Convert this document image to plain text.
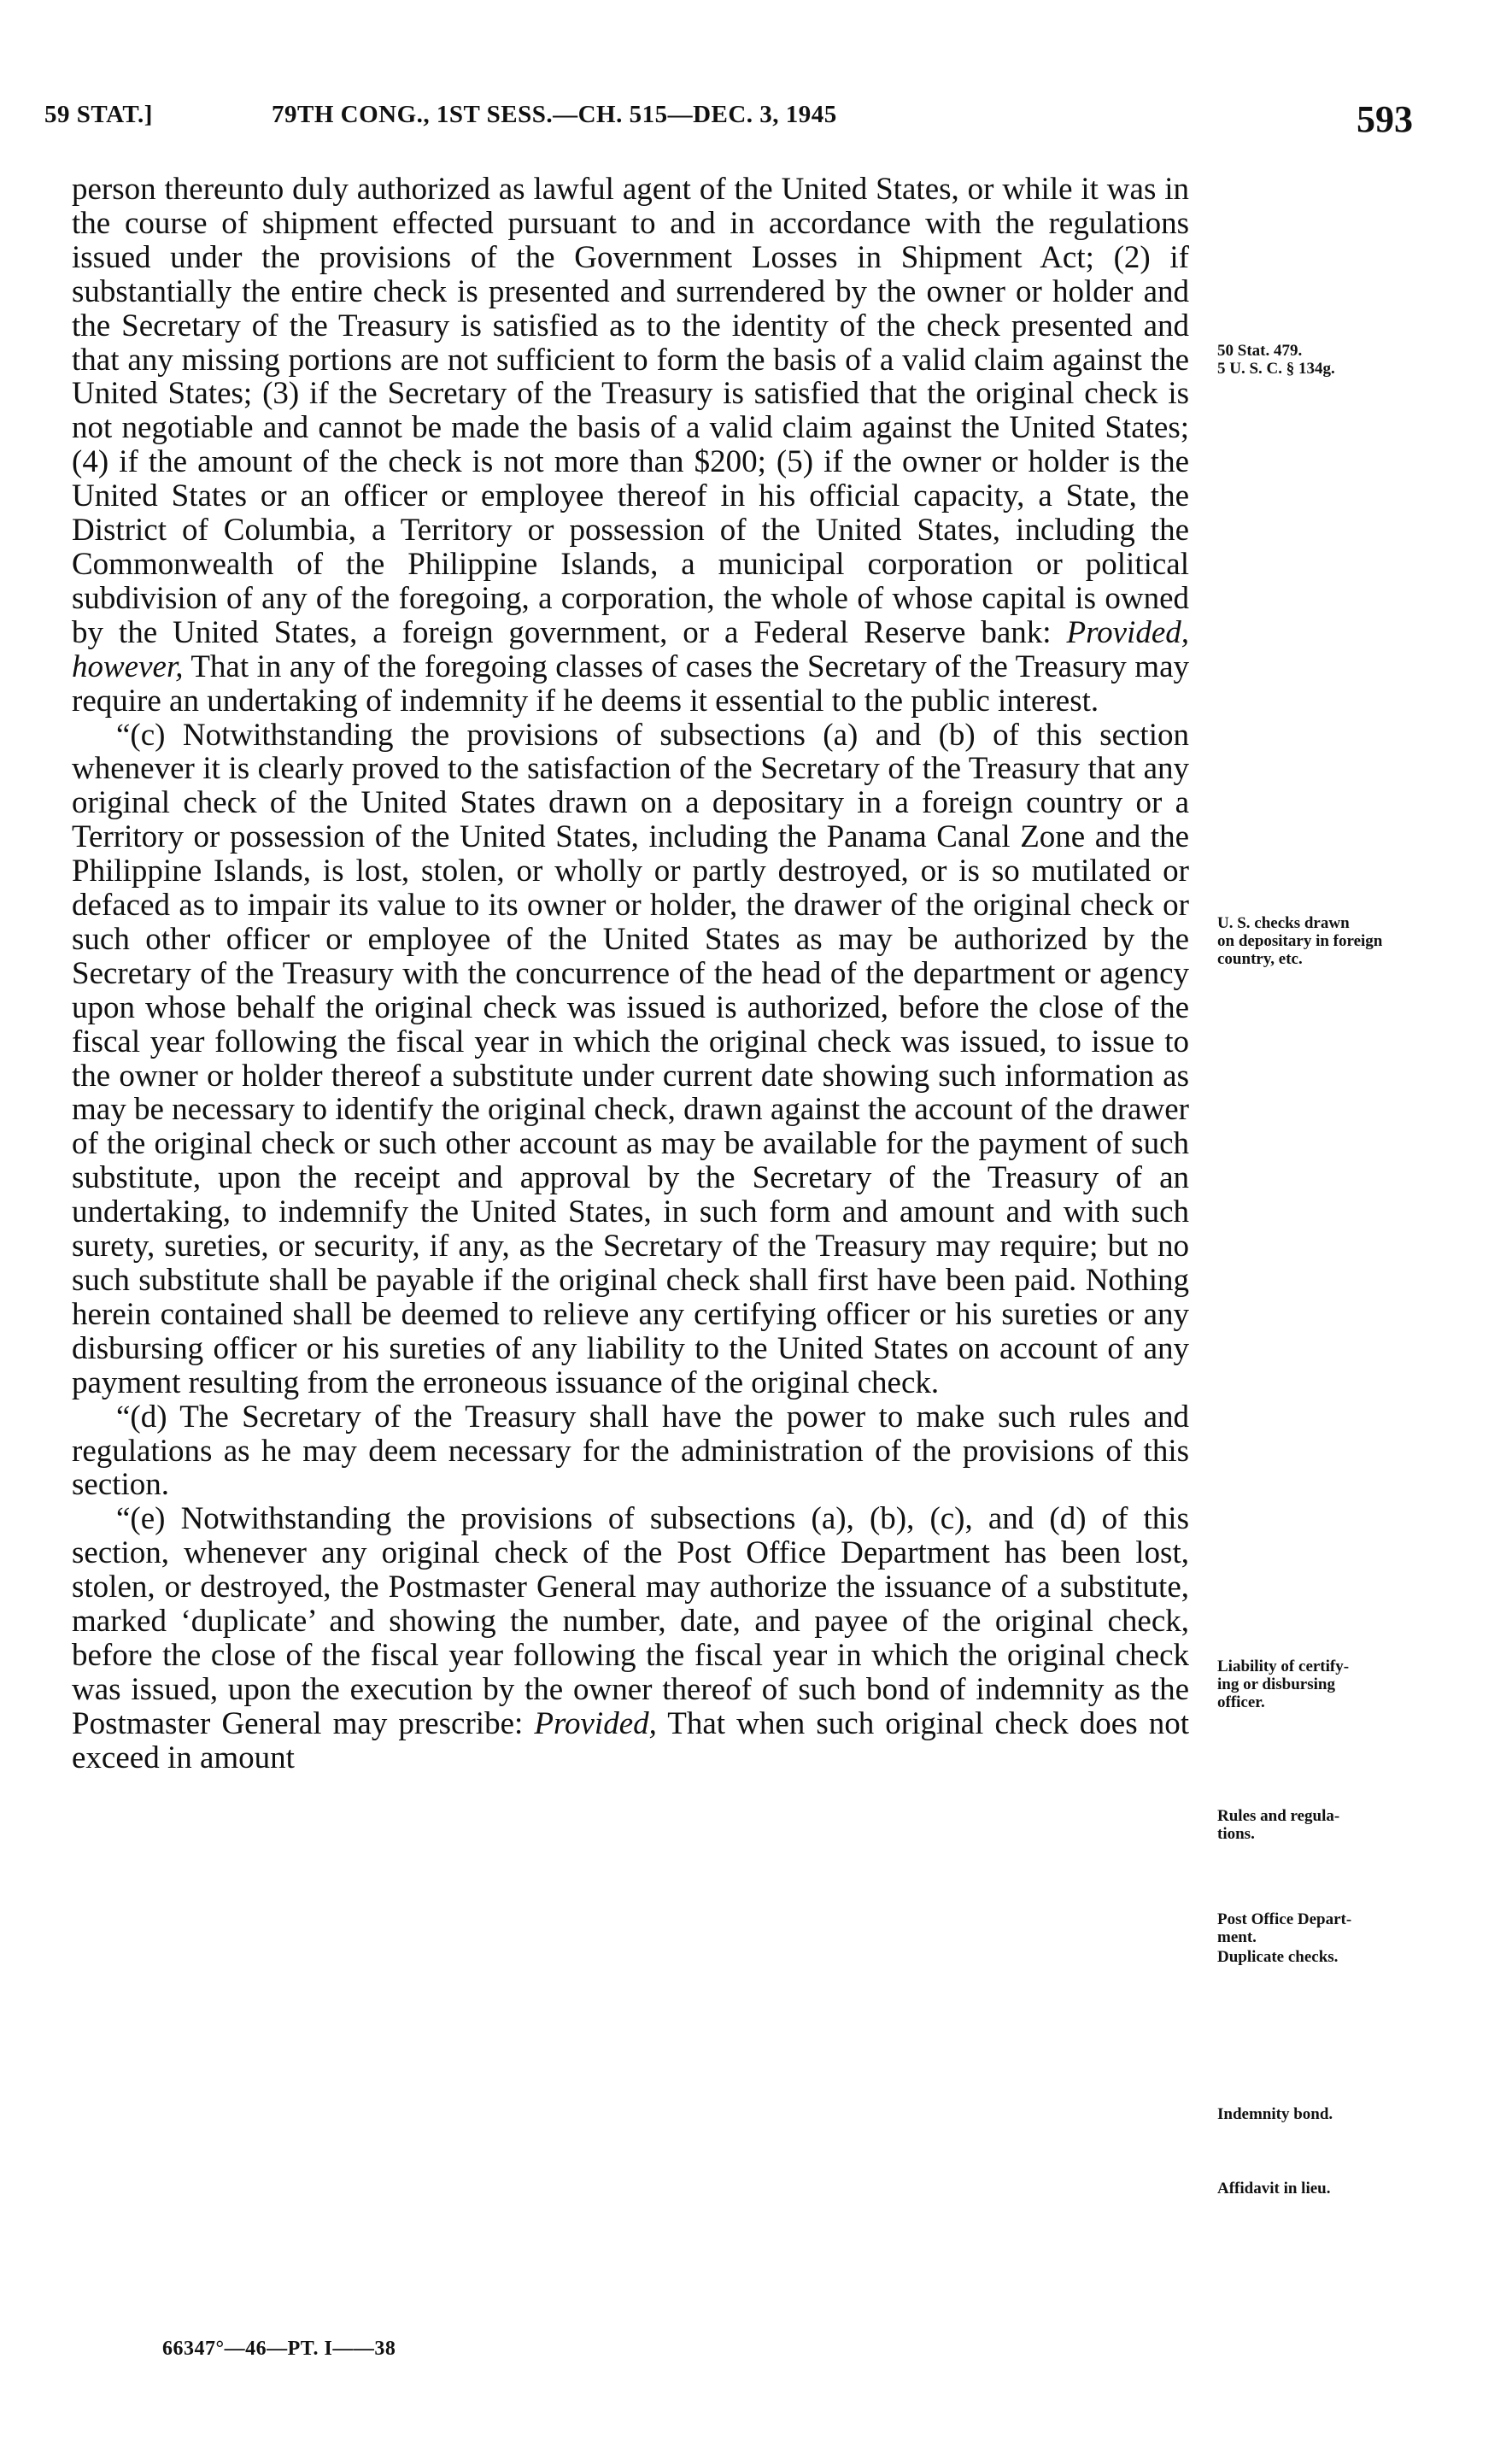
59 STAT.]	79TH CONG., 1ST SESS.—CH. 515—DEC. 3, 1945	593

person thereunto duly authorized as lawful agent of the United States, or while it was in the course of shipment effected pursuant to and in accordance with the regulations issued under the provisions of the Government Losses in Shipment Act; (2) if substantially the entire check is presented and surrendered by the owner or holder and the Secretary of the Treasury is satisfied as to the identity of the check presented and that any missing portions are not sufficient to form the basis of a valid claim against the United States; (3) if the Secretary of the Treasury is satisfied that the original check is not negotiable and cannot be made the basis of a valid claim against the United States; (4) if the amount of the check is not more than $200; (5) if the owner or holder is the United States or an officer or employee thereof in his official capacity, a State, the District of Columbia, a Territory or possession of the United States, including the Commonwealth of the Philippine Islands, a municipal corporation or political subdivision of any of the foregoing, a corporation, the whole of whose capital is owned by the United States, a foreign government, or a Federal Reserve bank: Provided, however, That in any of the foregoing classes of cases the Secretary of the Treasury may require an undertaking of indemnity if he deems it essential to the public interest.

“(c) Notwithstanding the provisions of subsections (a) and (b) of this section whenever it is clearly proved to the satisfaction of the Secretary of the Treasury that any original check of the United States drawn on a depositary in a foreign country or a Territory or possession of the United States, including the Panama Canal Zone and the Philippine Islands, is lost, stolen, or wholly or partly destroyed, or is so mutilated or defaced as to impair its value to its owner or holder, the drawer of the original check or such other officer or employee of the United States as may be authorized by the Secretary of the Treasury with the concurrence of the head of the department or agency upon whose behalf the original check was issued is authorized, before the close of the fiscal year following the fiscal year in which the original check was issued, to issue to the owner or holder thereof a substitute under current date showing such information as may be necessary to identify the original check, drawn against the account of the drawer of the original check or such other account as may be available for the payment of such substitute, upon the receipt and approval by the Secretary of the Treasury of an undertaking, to indemnify the United States, in such form and amount and with such surety, sureties, or security, if any, as the Secretary of the Treasury may require; but no such substitute shall be payable if the original check shall first have been paid. Nothing herein contained shall be deemed to relieve any certifying officer or his sureties or any disbursing officer or his sureties of any liability to the United States on account of any payment resulting from the erroneous issuance of the original check.

“(d) The Secretary of the Treasury shall have the power to make such rules and regulations as he may deem necessary for the administration of the provisions of this section.

“(e) Notwithstanding the provisions of subsections (a), (b), (c), and (d) of this section, whenever any original check of the Post Office Department has been lost, stolen, or destroyed, the Postmaster General may authorize the issuance of a substitute, marked ‘duplicate’ and showing the number, date, and payee of the original check, before the close of the fiscal year following the fiscal year in which the original check was issued, upon the execution by the owner thereof of such bond of indemnity as the Postmaster General may prescribe: Provided, That when such original check does not exceed in amount

50 Stat. 479.
5 U. S. C. § 134g.
U. S. checks drawn
on depositary in foreign
country, etc.
Liability of certify-
ing or disbursing
officer.
Rules and regula-
tions.
Post Office Depart-
ment.
Duplicate checks.
Indemnity bond.
Affidavit in lieu.
66347°—46—PT. I——38
